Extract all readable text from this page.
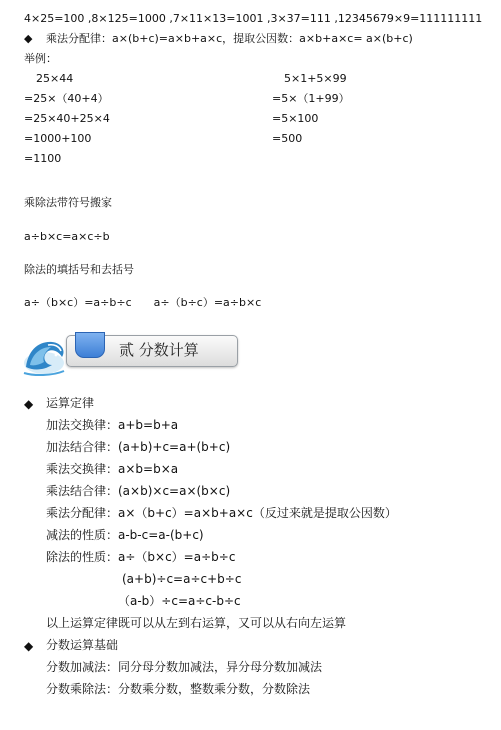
4×25=100 ,8×125=1000 ,7×11×13=1001 ,3×37=111 ,12345679×9=111111111
◆ 乘法分配律：a×(b+c)=a×b+a×c，提取公因数：a×b+a×c= a×(b+c)
举例：
25×44
=25×（40+4）
=25×40+25×4
=1000+100
=1100
5×1+5×99
=5×（1+99）
=5×100
=500
乘除法带符号搬家
a÷b×c=a×c÷b
除法的填括号和去括号
a÷（b×c）=a÷b÷c　　a÷（b÷c）=a÷b×c
贰 分数计算
◆ 运算定律
加法交换律：a+b=b+a
加法结合律：(a+b)+c=a+(b+c)
乘法交换律：a×b=b×a
乘法结合律：(a×b)×c=a×(b×c)
乘法分配律：a×（b+c）=a×b+a×c（反过来就是提取公因数）
减法的性质：a-b-c=a-(b+c)
除法的性质：a÷（b×c）=a÷b÷c
(a+b)÷c=a÷c+b÷c
（a-b）÷c=a÷c-b÷c
以上运算定律既可以从左到右运算，又可以从右向左运算
◆ 分数运算基础
分数加减法：同分母分数加减法，异分母分数加减法
分数乘除法：分数乘分数，整数乘分数，分数除法
